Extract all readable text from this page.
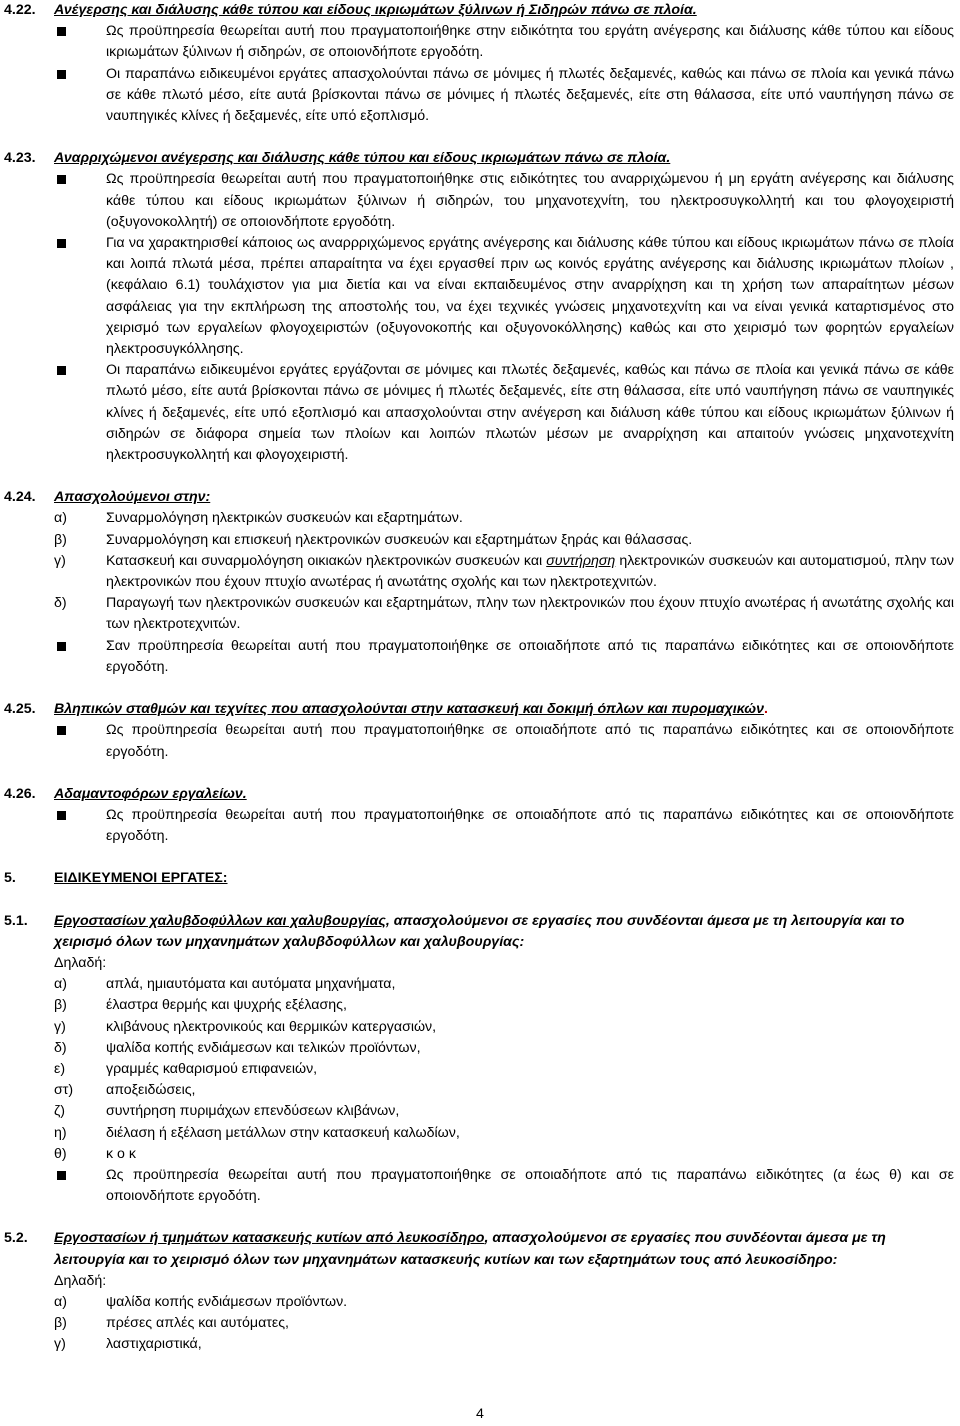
4.22.	Ανέγερσης και διάλυσης κάθε τύπου και είδους ικριωμάτων ξύλινων ή Σιδηρών πάνω σε πλοία.
Ως προϋπηρεσία θεωρείται αυτή που πραγματοποιήθηκε στην ειδικότητα του εργάτη ανέγερσης και διάλυσης κάθε τύπου και είδους ικριωμάτων ξύλινων ή σιδηρών, σε οποιονδήποτε εργοδότη.
Οι παραπάνω ειδικευμένοι εργάτες απασχολούνται πάνω σε μόνιμες ή πλωτές δεξαμενές, καθώς και πάνω σε πλοία και γενικά πάνω σε κάθε πλωτό μέσο, είτε αυτά βρίσκονται πάνω σε μόνιμες ή πλωτές δεξαμενές, είτε στη θάλασσα, είτε υπό ναυπήγηση πάνω σε ναυπηγικές κλίνες ή δεξαμενές, είτε υπό εξοπλισμό.
4.23.	Αναρριχώμενοι ανέγερσης και διάλυσης κάθε τύπου και είδους ικριωμάτων πάνω σε πλοία.
Ως προϋπηρεσία θεωρείται αυτή που πραγματοποιήθηκε στις ειδικότητες του αναρριχώμενου ή μη εργάτη ανέγερσης και διάλυσης κάθε τύπου και είδους ικριωμάτων ξύλινων ή σιδηρών, του μηχανοτεχνίτη, του ηλεκτροσυγκολλητή και του φλογοχειριστή (οξυγονοκολλητή) σε οποιονδήποτε εργοδότη.
Για να χαρακτηρισθεί κάποιος ως αναρρριχώμενος εργάτης ανέγερσης και διάλυσης κάθε τύπου και είδους ικριωμάτων πάνω σε πλοία και λοιπά πλωτά μέσα, πρέπει απαραίτητα να έχει εργασθεί πριν ως κοινός εργάτης ανέγερσης και διάλυσης ικριωμάτων πλοίων , (κεφάλαιο 6.1) τουλάχιστον για μια διετία και να είναι εκπαιδευμένος στην αναρρίχηση και τη χρήση των απαραίτητων μέσων ασφάλειας για την εκπλήρωση της αποστολής του, να έχει τεχνικές γνώσεις μηχανοτεχνίτη και να είναι γενικά καταρτισμένος στο χειρισμό των εργαλείων φλογοχειριστών (οξυγονοκοπής και οξυγονοκόλλησης) καθώς και στο χειρισμό των φορητών εργαλείων ηλεκτροσυγκόλλησης.
Οι παραπάνω ειδικευμένοι εργάτες εργάζονται σε μόνιμες και πλωτές δεξαμενές, καθώς και πάνω σε πλοία και γενικά πάνω σε κάθε πλωτό μέσο, είτε αυτά βρίσκονται πάνω σε μόνιμες ή πλωτές δεξαμενές, είτε στη θάλασσα, είτε υπό ναυπήγηση πάνω σε ναυπηγικές κλίνες ή δεξαμενές, είτε υπό εξοπλισμό και απασχολούνται στην ανέγερση και διάλυση κάθε τύπου και είδους ικριωμάτων ξύλινων ή σιδηρών σε διάφορα σημεία των πλοίων και λοιπών πλωτών μέσων με αναρρίχηση και απαιτούν γνώσεις μηχανοτεχνίτη ηλεκτροσυγκολλητή και φλογοχειριστή.
4.24.	Απασχολούμενοι στην:
α)	Συναρμολόγηση ηλεκτρικών συσκευών και εξαρτημάτων.
β)	Συναρμολόγηση και επισκευή ηλεκτρονικών συσκευών και εξαρτημάτων ξηράς και θάλασσας.
γ)	Κατασκευή και συναρμολόγηση οικιακών ηλεκτρονικών συσκευών και συντήρηση ηλεκτρονικών συσκευών και αυτοματισμού, πλην των ηλεκτρονικών που έχουν πτυχίο ανωτέρας ή ανωτάτης σχολής και των ηλεκτροτεχνιτών.
δ)	Παραγωγή των ηλεκτρονικών συσκευών και εξαρτημάτων, πλην των ηλεκτρονικών που έχουν πτυχίο ανωτέρας ή ανωτάτης σχολής και των ηλεκτροτεχνιτών.
Σαν προϋπηρεσία θεωρείται αυτή που πραγματοποιήθηκε σε οποιαδήποτε από τις παραπάνω ειδικότητες και σε οποιονδήποτε εργοδότη.
4.25.	Βληπικών σταθμών και τεχνίτες που απασχολούνται στην κατασκευή και δοκιμή όπλων και πυρομαχικών.
Ως προϋπηρεσία θεωρείται αυτή που πραγματοποιήθηκε σε οποιαδήποτε από τις παραπάνω ειδικότητες και σε οποιονδήποτε εργοδότη.
4.26.	Αδαμαντοφόρων εργαλείων.
Ως προϋπηρεσία θεωρείται αυτή που πραγματοποιήθηκε σε οποιαδήποτε από τις παραπάνω ειδικότητες και σε οποιονδήποτε εργοδότη.
5.	ΕΙΔΙΚΕΥΜΕΝΟΙ ΕΡΓΑΤΕΣ:
5.1.	Εργοστασίων χαλυβδοφύλλων και χαλυβουργίας, απασχολούμενοι σε εργασίες που συνδέονται άμεσα με τη λειτουργία και το χειρισμό όλων των μηχανημάτων χαλυβδοφύλλων και χαλυβουργίας:
Δηλαδή:
α)	απλά, ημιαυτόματα και αυτόματα μηχανήματα,
β)	έλαστρα θερμής και ψυχρής εξέλασης,
γ)	κλιβάνους ηλεκτρονικούς και θερμικών κατεργασιών,
δ)	ψαλίδα κοπής ενδιάμεσων και τελικών προϊόντων,
ε)	γραμμές καθαρισμού επιφανειών,
στ)	αποξειδώσεις,
ζ)	συντήρηση πυριμάχων επενδύσεων κλιβάνων,
η)	διέλαση ή εξέλαση μετάλλων στην κατασκευή καλωδίων,
θ)	κ ο κ
Ως προϋπηρεσία θεωρείται αυτή που πραγματοποιήθηκε σε οποιαδήποτε από τις παραπάνω ειδικότητες (α έως θ) και σε οποιονδήποτε εργοδότη.
5.2.	Εργοστασίων ή τμημάτων κατασκευής κυτίων από λευκοσίδηρο, απασχολούμενοι σε εργασίες που συνδέονται άμεσα με τη λειτουργία και το χειρισμό όλων των μηχανημάτων κατασκευής κυτίων και των εξαρτημάτων τους από λευκοσίδηρο:
Δηλαδή:
α)	ψαλίδα κοπής ενδιάμεσων προϊόντων.
β)	πρέσες απλές και αυτόματες,
γ)	λαστιχαριστικά,
4
